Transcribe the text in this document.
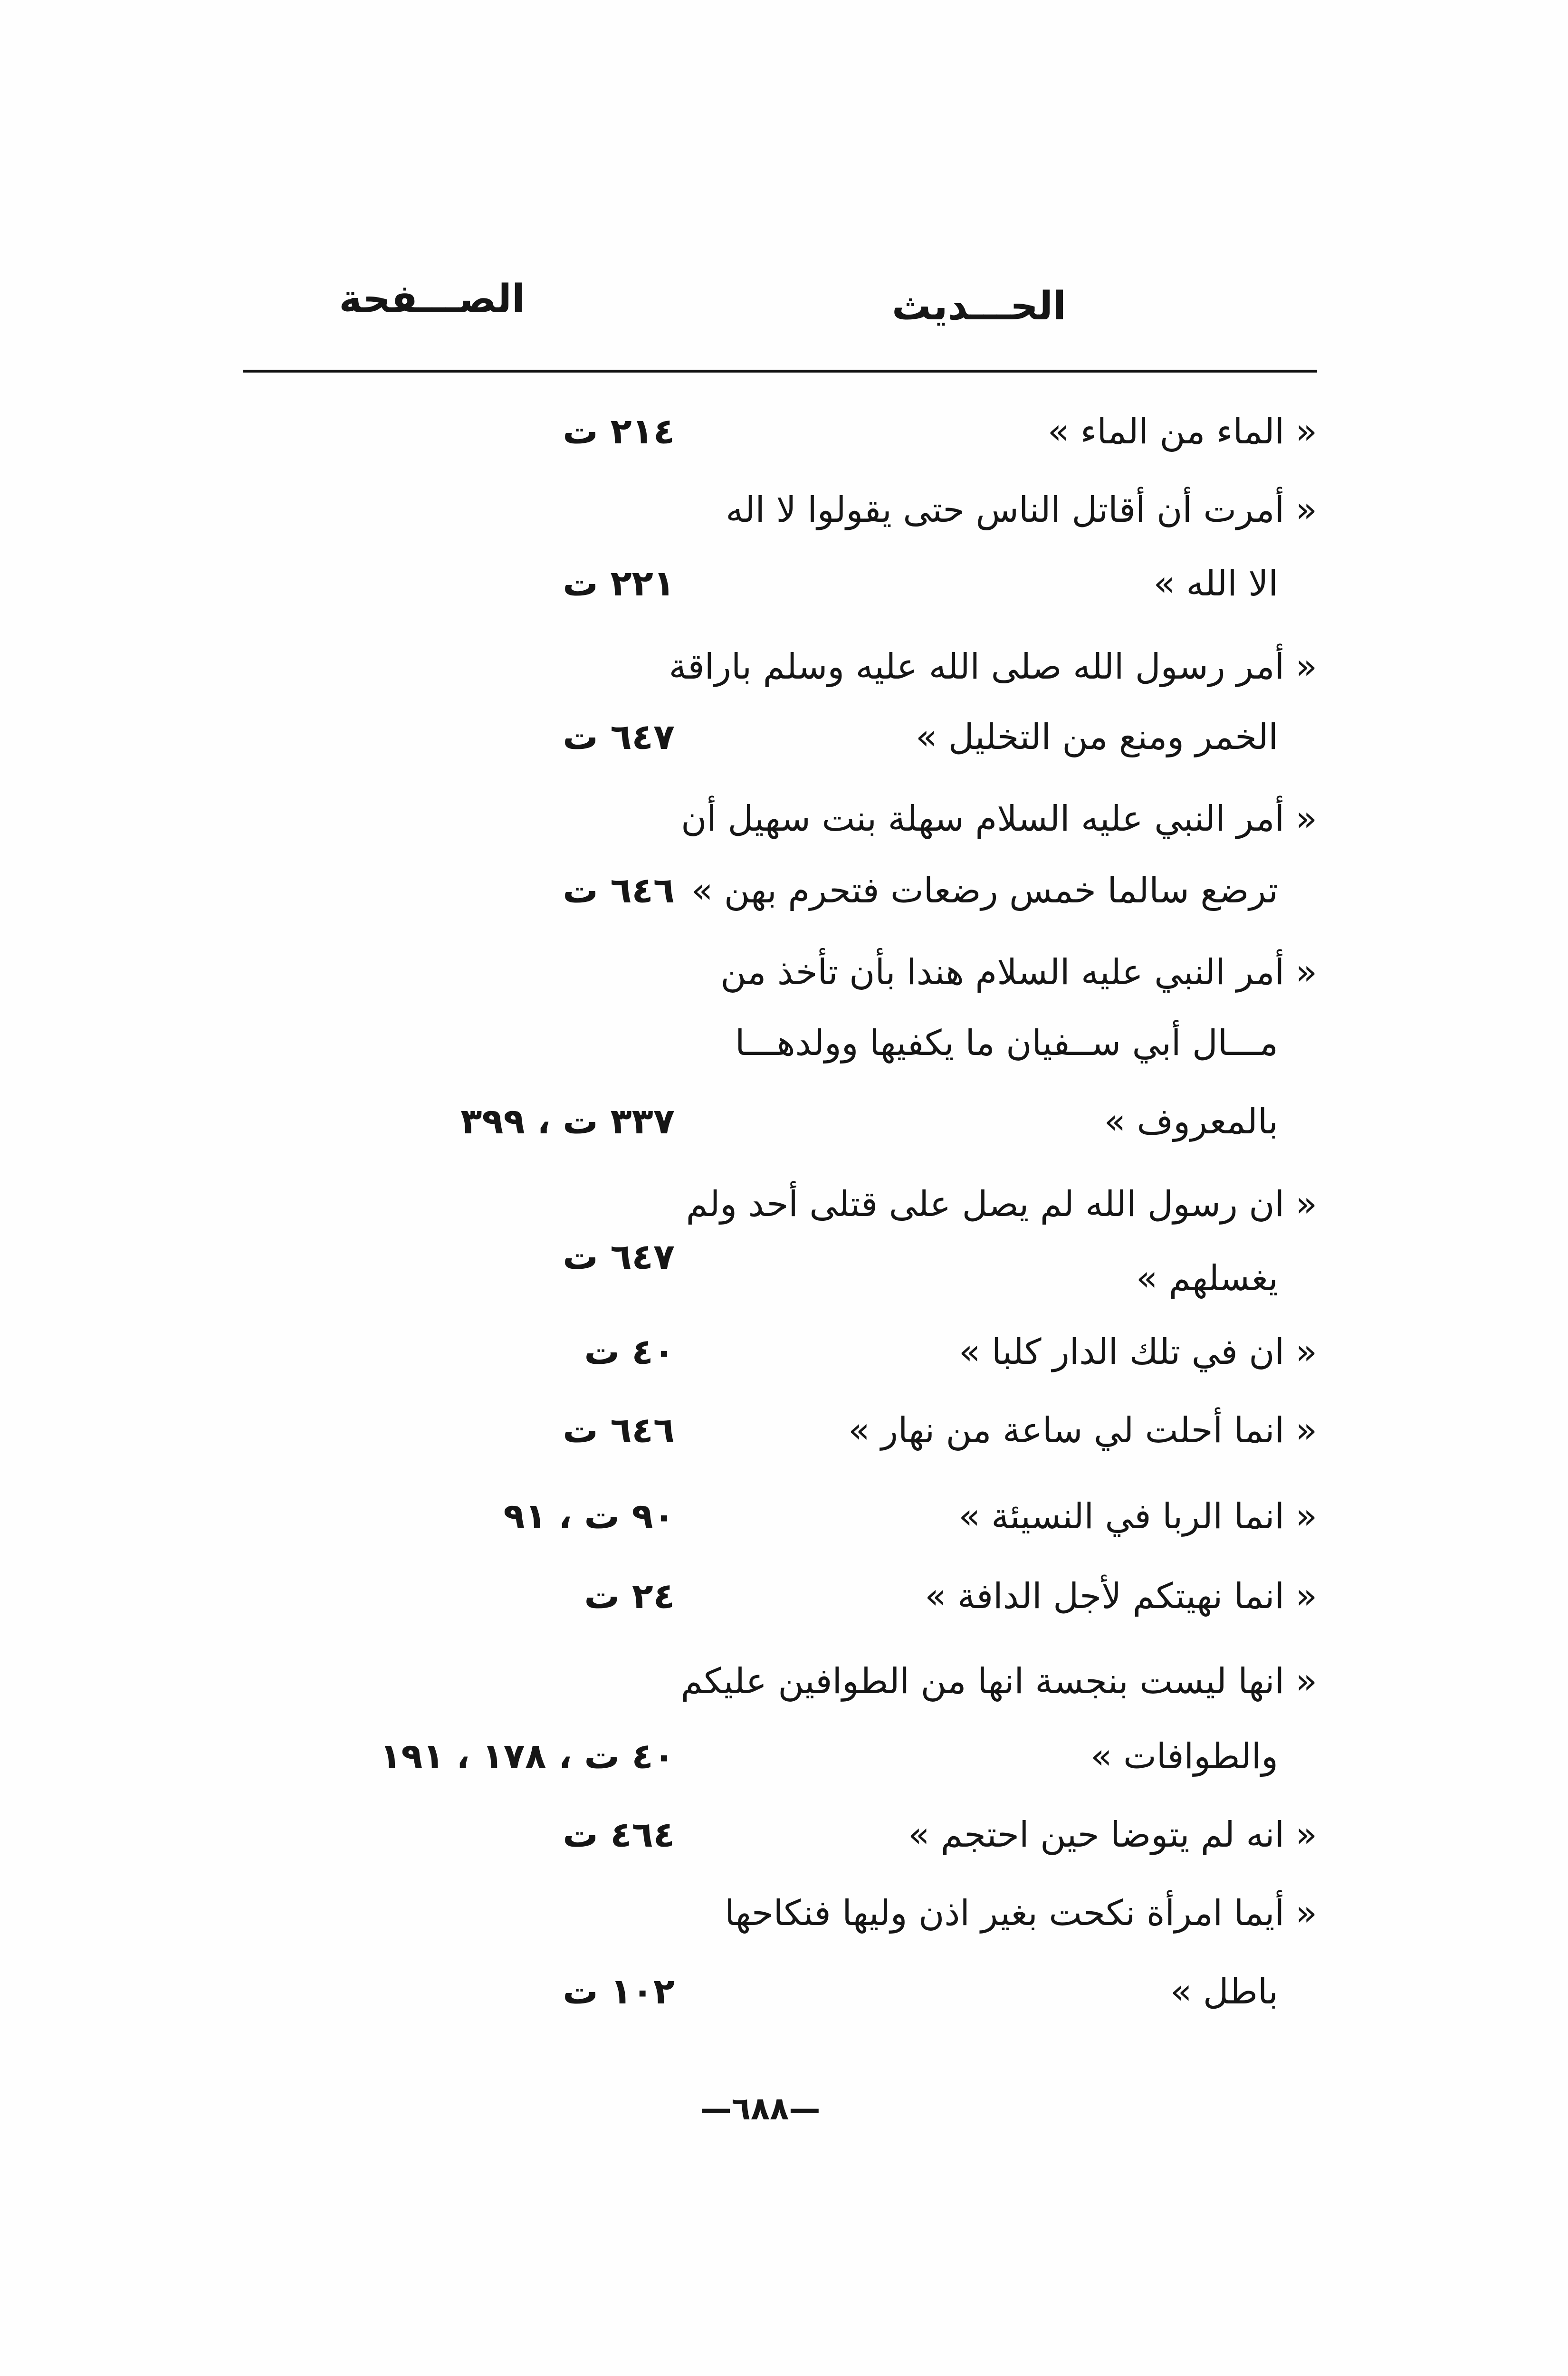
الحـــديث
الصـــفحة
« الماء من الماء »
٢١٤ ت
« أمرت أن أقاتل الناس حتى يقولوا لا اله
الا الله »
٢٢١ ت
« أمر رسول الله صلى الله عليه وسلم باراقة
الخمر ومنع من التخليل »
٦٤٧ ت
« أمر النبي عليه السلام سهلة بنت سهيل أن
ترضع سالما خمس رضعات فتحرم بهن »
٦٤٦ ت
« أمر النبي عليه السلام هندا بأن تأخذ من
مـــال أبي ســفيان ما يكفيها وولدهـــا
بالمعروف »
٣٣٧ ت ، ٣٩٩
« ان رسول الله لم يصل على قتلى أحد ولم
يغسلهم »
٦٤٧ ت
« ان في تلك الدار كلبا »
٤٠ ت
« انما أحلت لي ساعة من نهار »
٦٤٦ ت
« انما الربا في النسيئة »
٩٠ ت ، ٩١
« انما نهيتكم لأجل الدافة »
٢٤ ت
« انها ليست بنجسة انها من الطوافين عليكم
والطوافات »
٤٠ ت ، ١٧٨ ، ١٩١
« انه لم يتوضا حين احتجم »
٤٦٤ ت
« أيما امرأة نكحت بغير اذن وليها فنكاحها
باطل »
١٠٢ ت
—٦٨٨—
